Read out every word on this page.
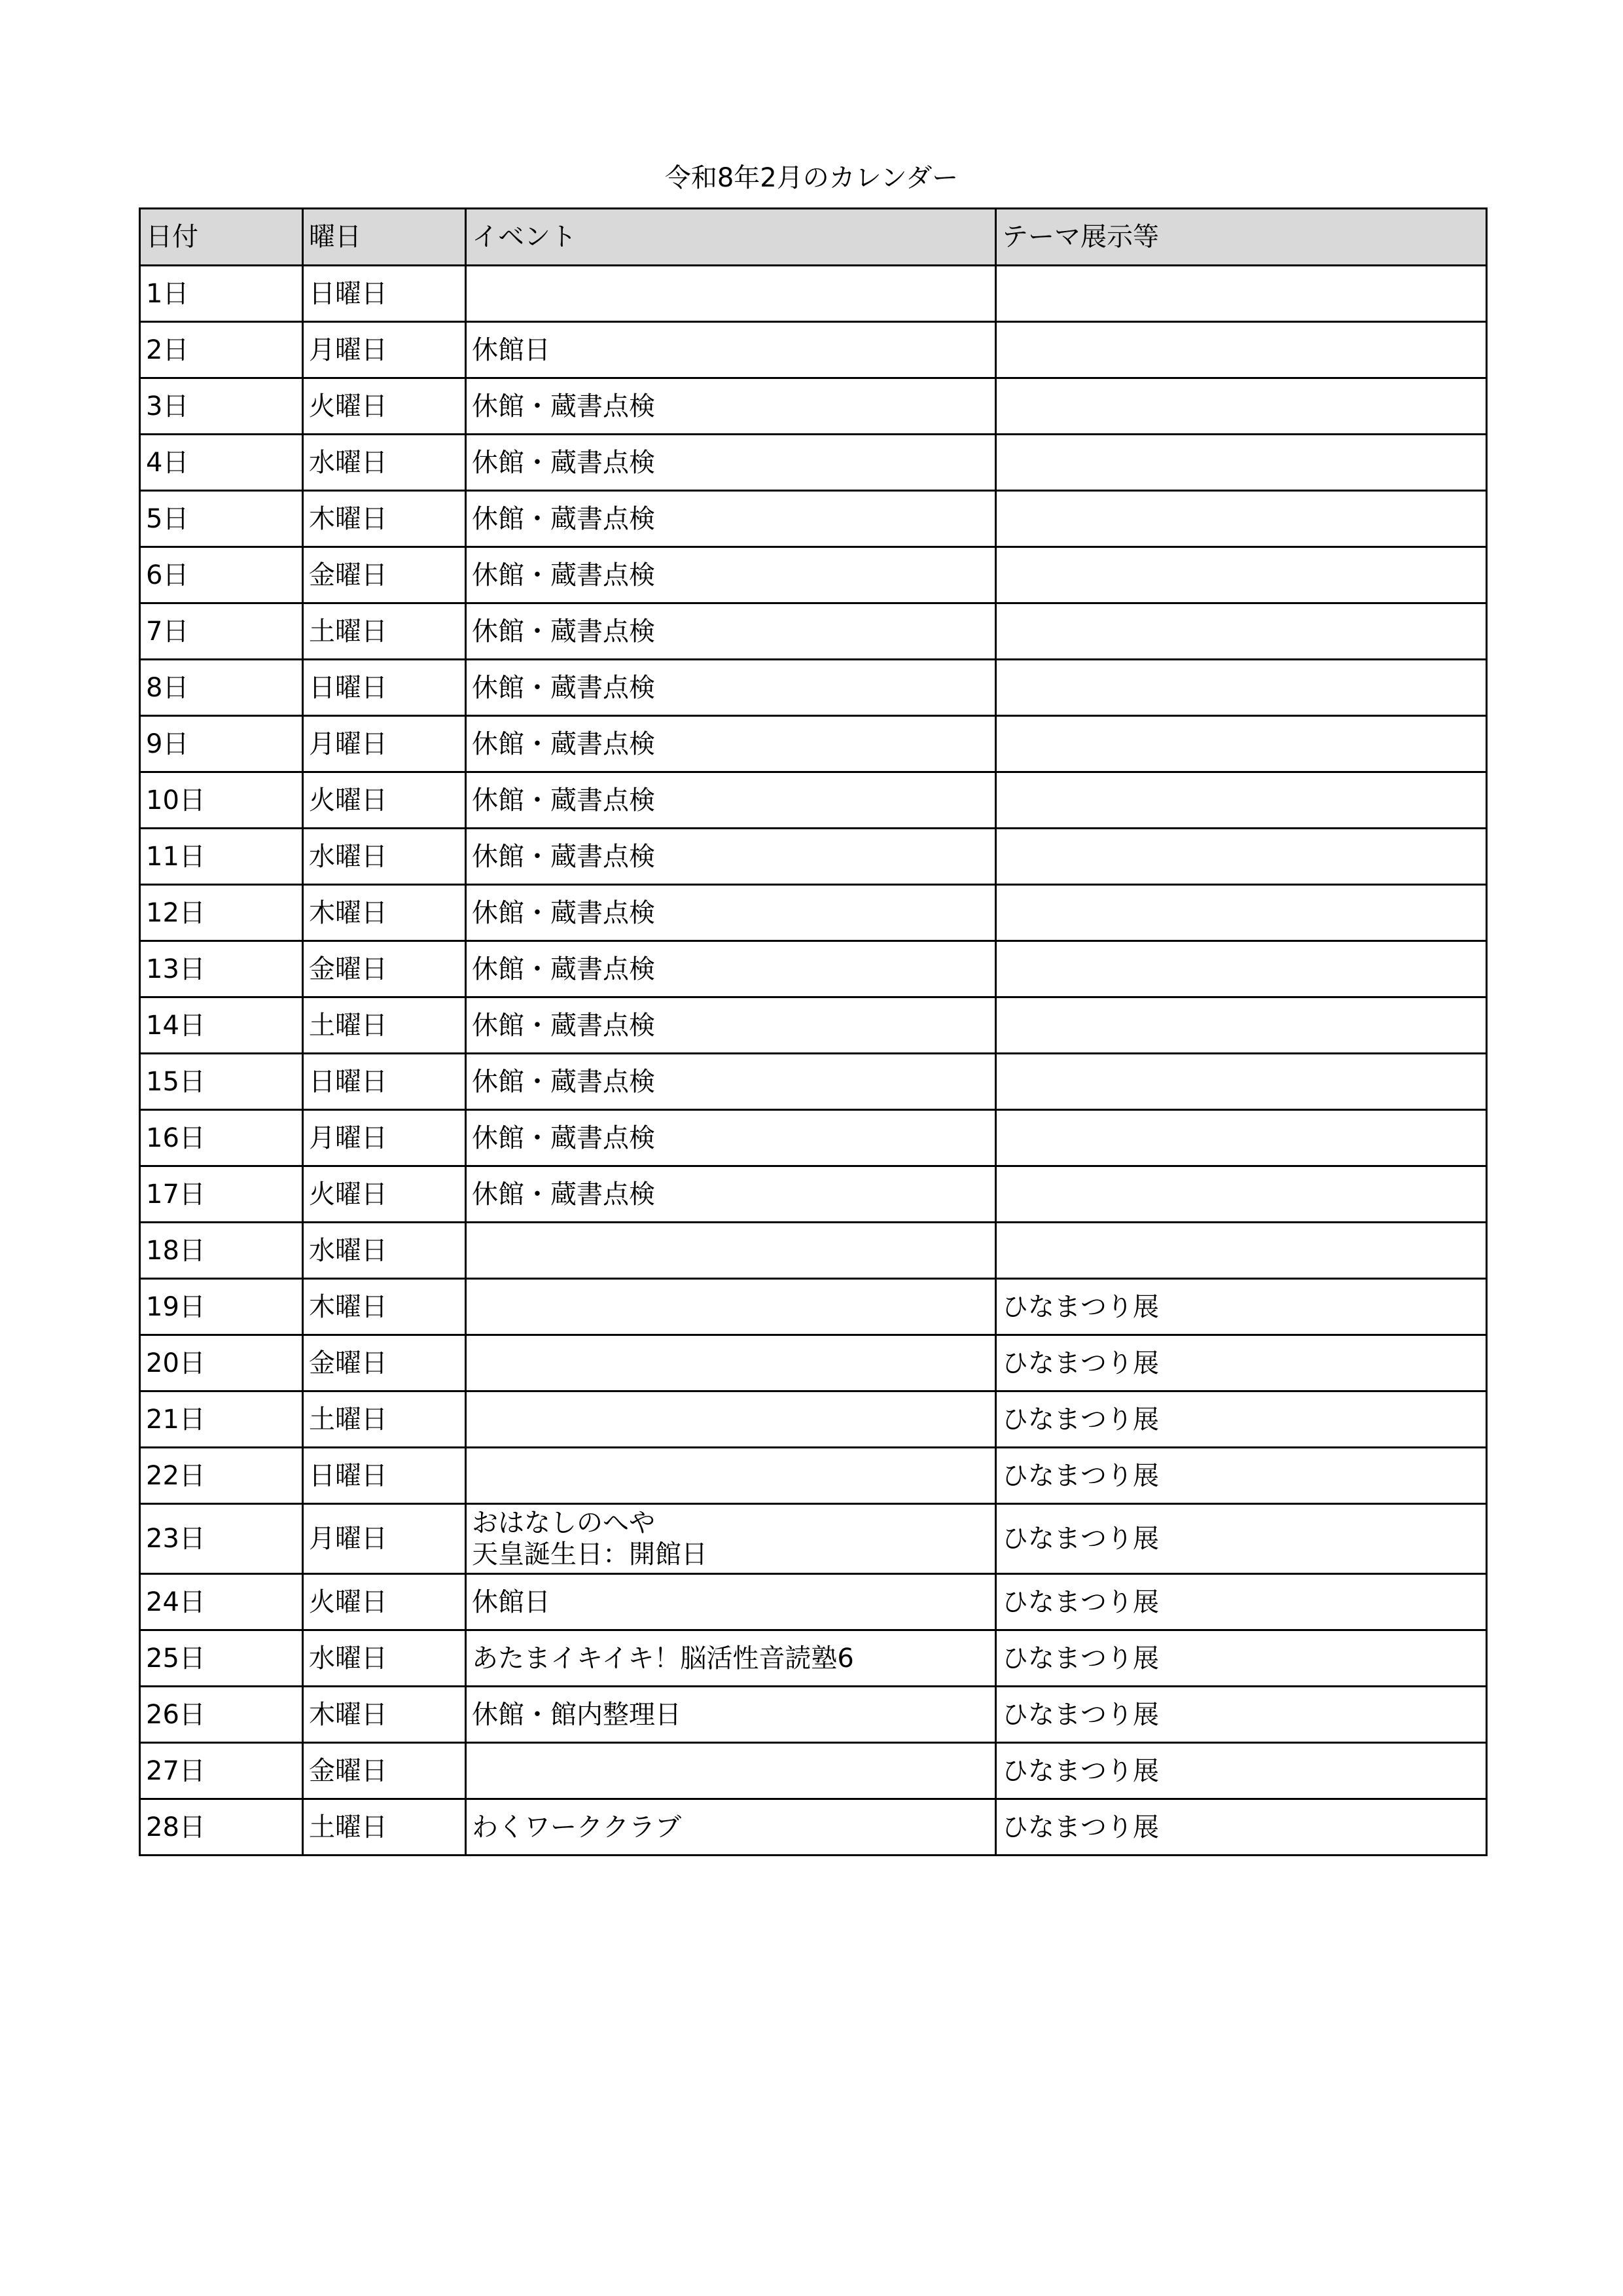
令和8年2月のカレンダー
日付	曜日	イベント	テーマ展示等
1日	日曜日		
2日	月曜日	休館日	
3日	火曜日	休館・蔵書点検	
4日	水曜日	休館・蔵書点検	
5日	木曜日	休館・蔵書点検	
6日	金曜日	休館・蔵書点検	
7日	土曜日	休館・蔵書点検	
8日	日曜日	休館・蔵書点検	
9日	月曜日	休館・蔵書点検	
10日	火曜日	休館・蔵書点検	
11日	水曜日	休館・蔵書点検	
12日	木曜日	休館・蔵書点検	
13日	金曜日	休館・蔵書点検	
14日	土曜日	休館・蔵書点検	
15日	日曜日	休館・蔵書点検	
16日	月曜日	休館・蔵書点検	
17日	火曜日	休館・蔵書点検	
18日	水曜日		
19日	木曜日		ひなまつり展
20日	金曜日		ひなまつり展
21日	土曜日		ひなまつり展
22日	日曜日		ひなまつり展
23日	月曜日	おはなしのへや
天皇誕生日：開館日	ひなまつり展
24日	火曜日	休館日	ひなまつり展
25日	水曜日	あたまイキイキ！脳活性音読塾6	ひなまつり展
26日	木曜日	休館・館内整理日	ひなまつり展
27日	金曜日		ひなまつり展
28日	土曜日	わくワーククラブ	ひなまつり展
